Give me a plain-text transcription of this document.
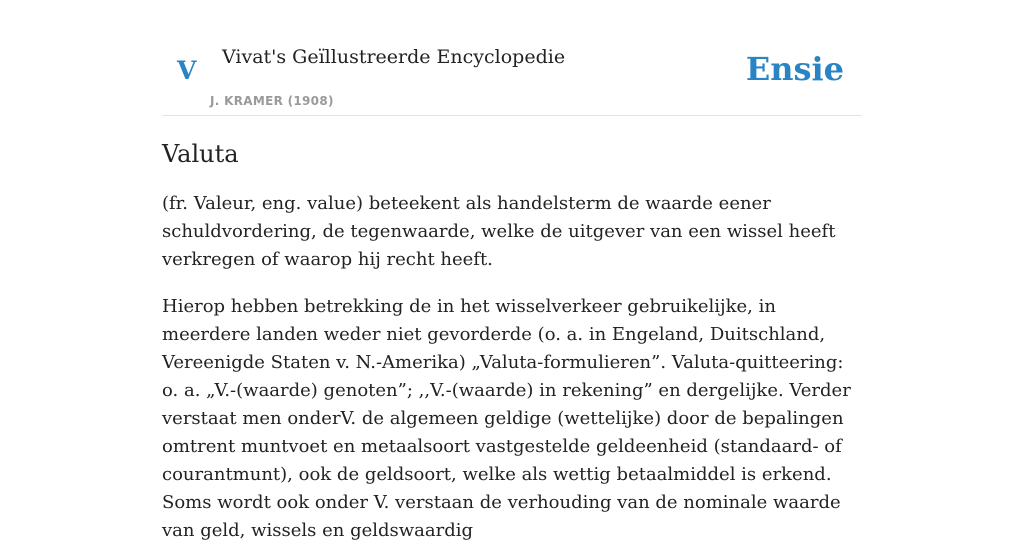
V Vivat's Geïllustreerde Encyclopedie
J. KRAMER (1908)
Ensie
Valuta

(fr. Valeur, eng. value) beteekent als handelsterm de waarde eener schuldvordering, de tegenwaarde, welke de uitgever van een wissel heeft verkregen of waarop hij recht heeft.

Hierop hebben betrekking de in het wisselverkeer gebruikelijke, in meerdere landen weder niet gevorderde (o. a. in Engeland, Duitschland, Vereenigde Staten v. N.-Amerika) „Valuta-formulieren”. Valuta-quitteering: o. a. „V.-(waarde) genoten”; ,,V.-(waarde) in rekening” en dergelijke. Verder verstaat men onderV. de algemeen geldige (wettelijke) door de bepalingen omtrent muntvoet en metaalsoort vastgestelde geldeenheid (standaard- of courantmunt), ook de geldsoort, welke als wettig betaalmiddel is erkend. Soms wordt ook onder V. verstaan de verhouding van de nominale waarde van geld, wissels en geldswaardig
